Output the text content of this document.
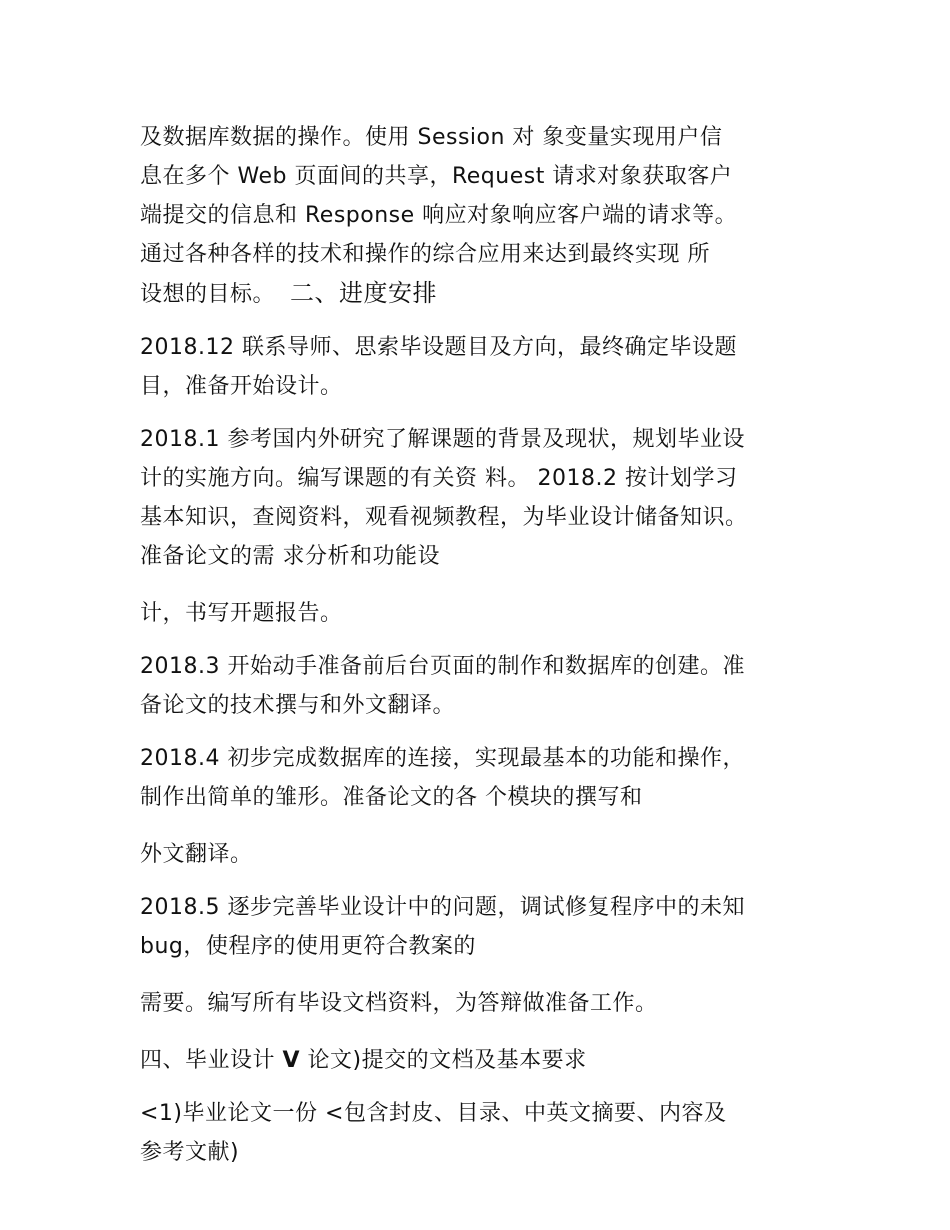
及数据库数据的操作。使用 Session 对 象变量实现用户信
息在多个 Web 页面间的共享，Request 请求对象获取客户
端提交的信息和 Response 响应对象响应客户端的请求等。
通过各种各样的技术和操作的综合应用来达到最终实现 所
设想的目标。 二、进度安排

2018.12 联系导师、思索毕设题目及方向，最终确定毕设题
目，准备开始设计。

2018.1 参考国内外研究了解课题的背景及现状，规划毕业设
计的实施方向。编写课题的有关资 料。 2018.2 按计划学习
基本知识，查阅资料，观看视频教程，为毕业设计储备知识。
准备论文的需 求分析和功能设

计，书写开题报告。

2018.3 开始动手准备前后台页面的制作和数据库的创建。准
备论文的技术撰与和外文翻译。

2018.4 初步完成数据库的连接，实现最基本的功能和操作，
制作出简单的雏形。准备论文的各 个模块的撰写和

外文翻译。

2018.5 逐步完善毕业设计中的问题，调试修复程序中的未知
bug，使程序的使用更符合教案的

需要。编写所有毕设文档资料，为答辩做准备工作。

四、毕业设计 V 论文)提交的文档及基本要求

<1)毕业论文一份 <包含封皮、目录、中英文摘要、内容及
参考文献)
